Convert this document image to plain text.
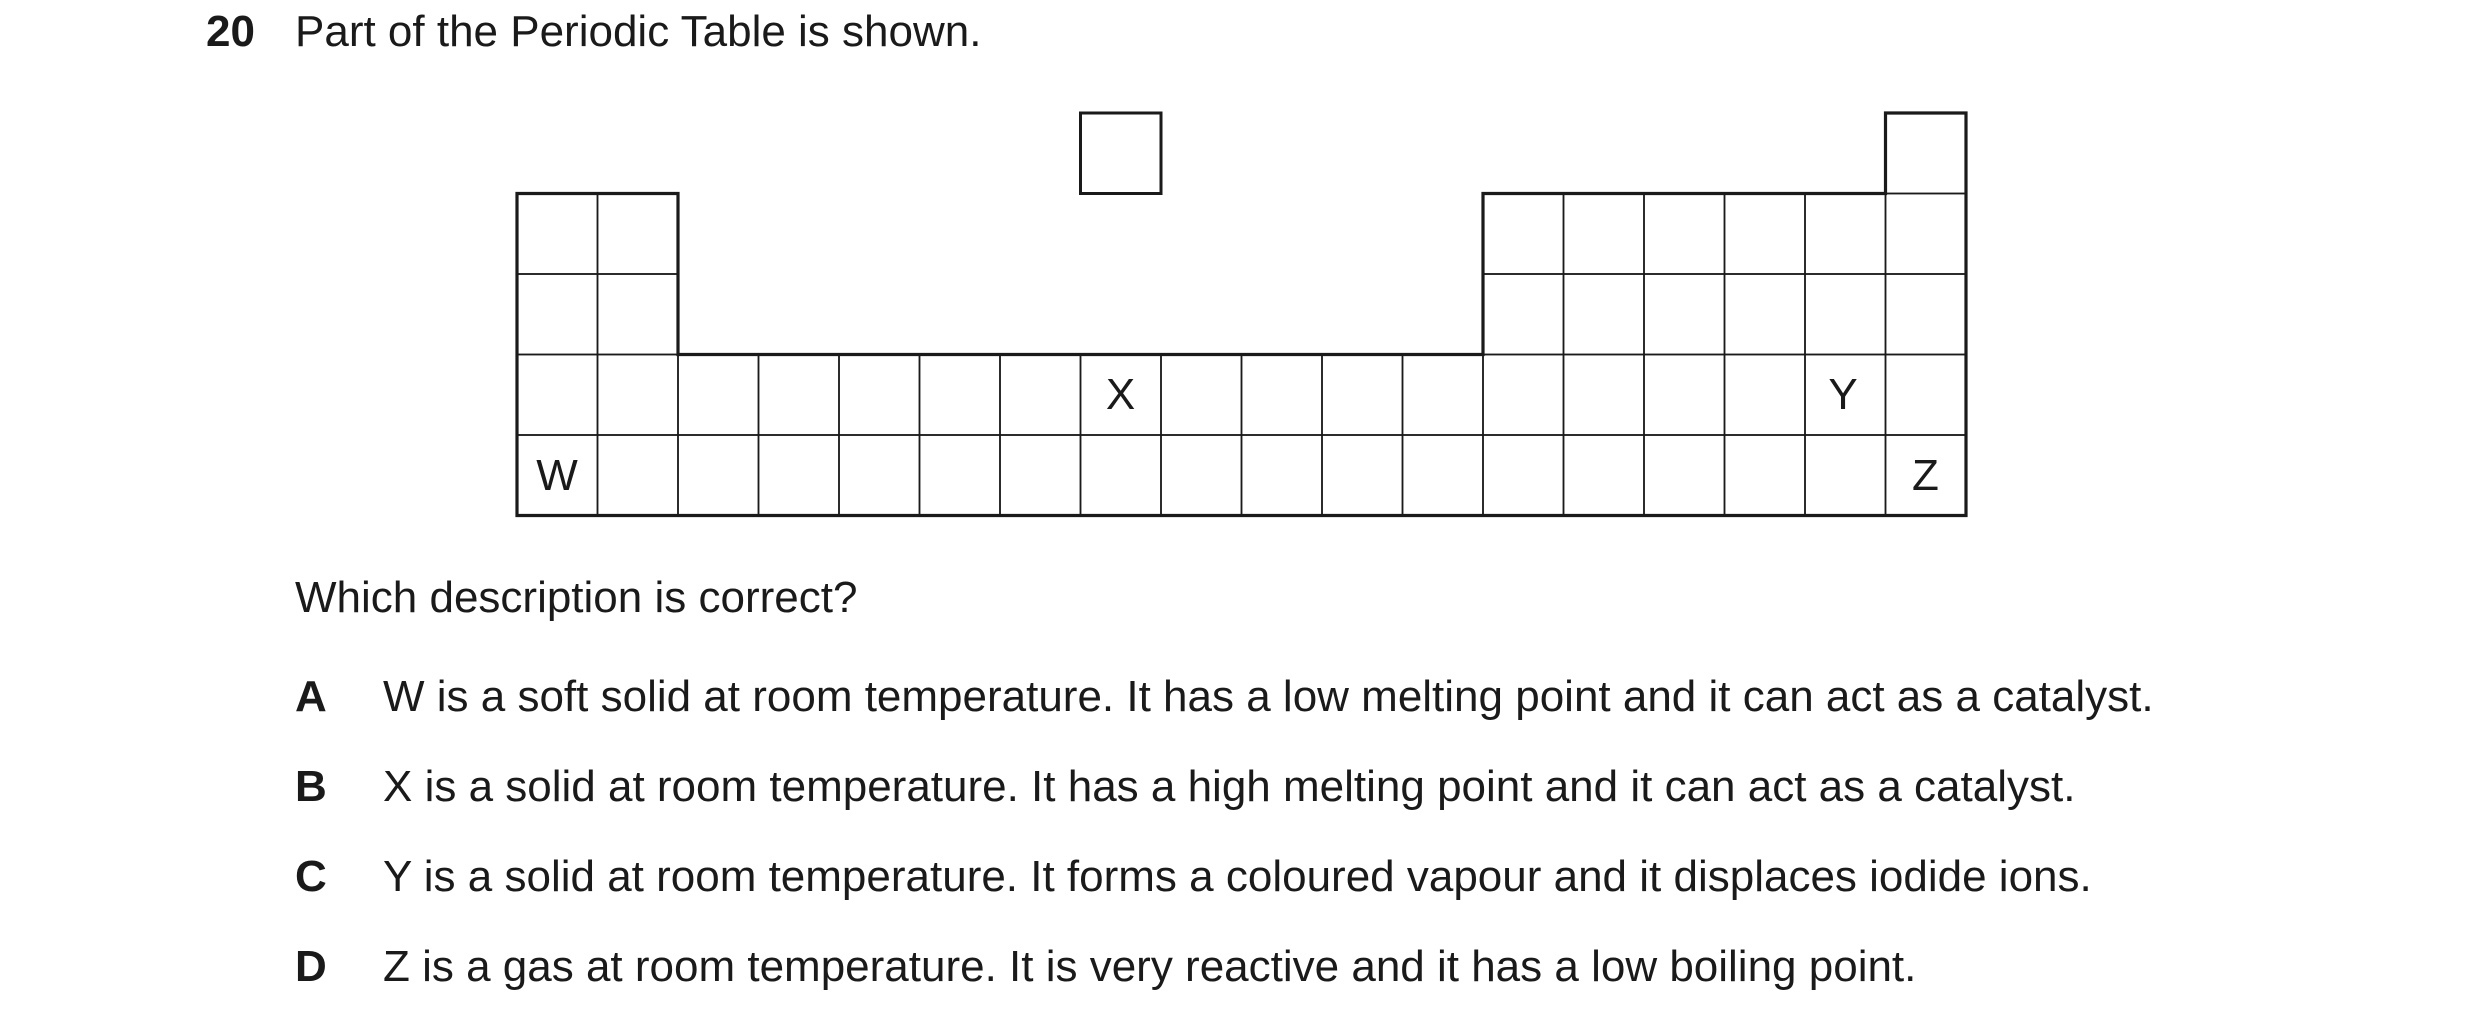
20 Part of the Periodic Table is shown.
X	Y
W	Z
Which description is correct?
A W is a soft solid at room temperature. It has a low melting point and it can act as a catalyst.
B X is a solid at room temperature. It has a high melting point and it can act as a catalyst.
C Y is a solid at room temperature. It forms a coloured vapour and it displaces iodide ions.
D Z is a gas at room temperature. It is very reactive and it has a low boiling point.
